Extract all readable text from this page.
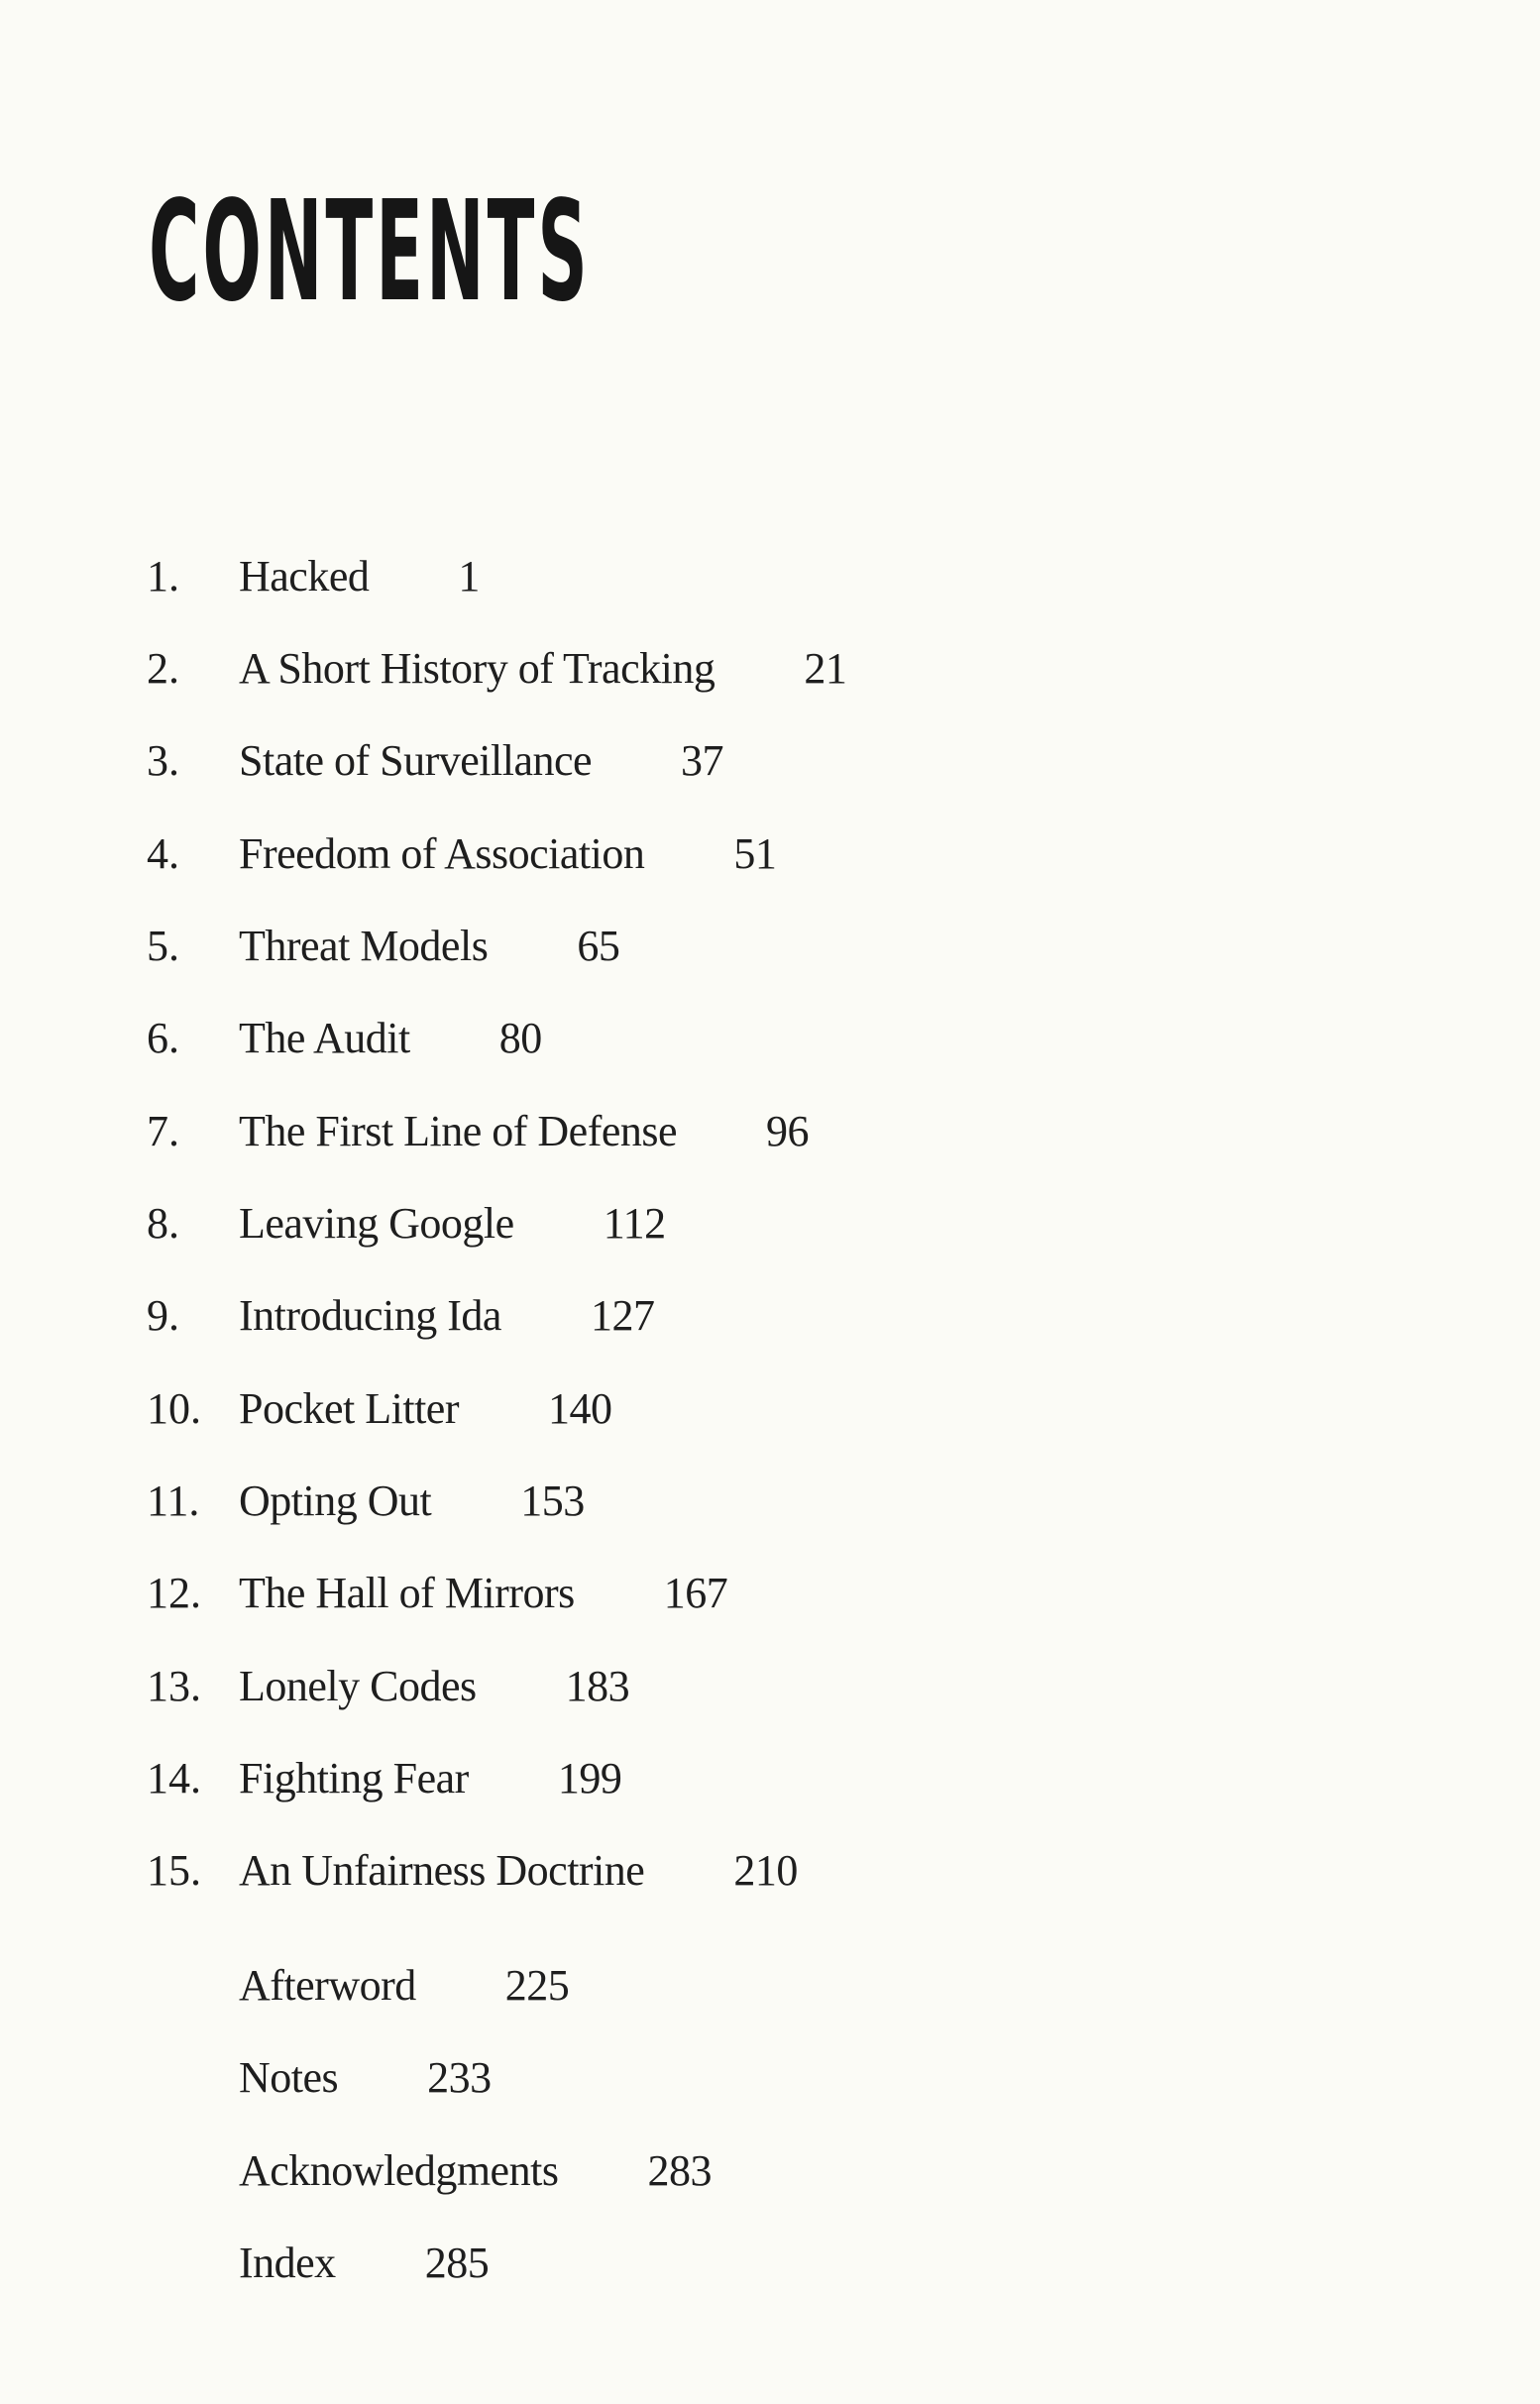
CONTENTS
1. Hacked 1
2. A Short History of Tracking 21
3. State of Surveillance 37
4. Freedom of Association 51
5. Threat Models 65
6. The Audit 80
7. The First Line of Defense 96
8. Leaving Google 112
9. Introducing Ida 127
10. Pocket Litter 140
11. Opting Out 153
12. The Hall of Mirrors 167
13. Lonely Codes 183
14. Fighting Fear 199
15. An Unfairness Doctrine 210
Afterword 225
Notes 233
Acknowledgments 283
Index 285
